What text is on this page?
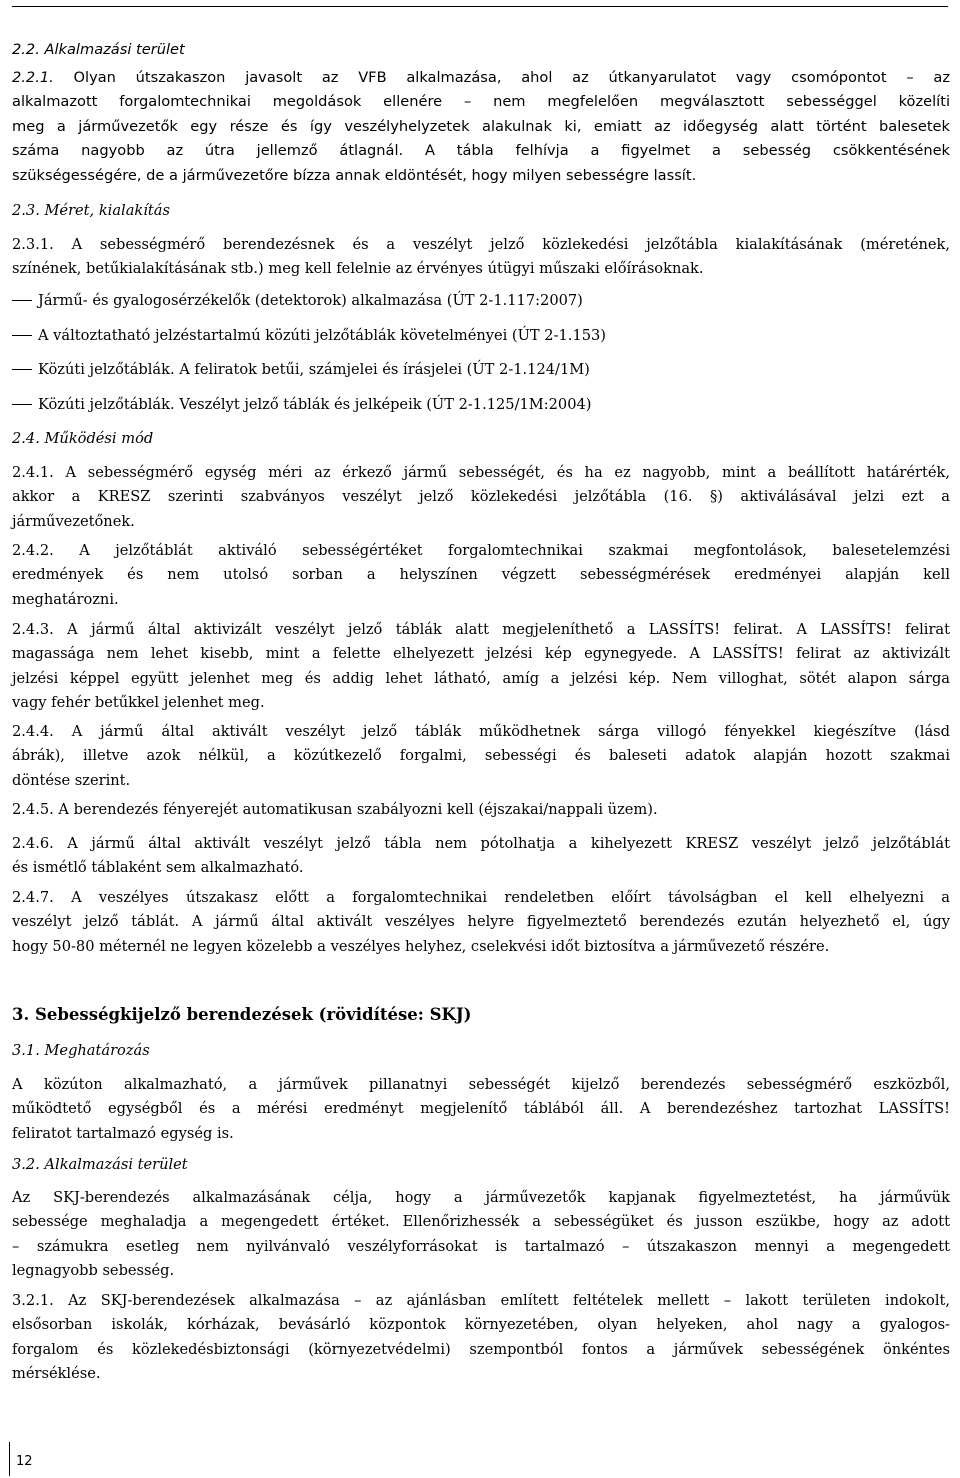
2.2. Alkalmazási terület
2.2.1. Olyan útszakaszon javasolt az VFB alkalmazása, ahol az útkanyarulatot vagy csomópontot – az
alkalmazott forgalomtechnikai megoldások ellenére – nem megfelelően megválasztott sebességgel közelíti
meg a járművezetők egy része és így veszélyhelyzetek alakulnak ki, emiatt az időegység alatt történt balesetek
száma nagyobb az útra jellemző átlagnál. A tábla felhívja a figyelmet a sebesség csökkentésének
szükségességére, de a járművezetőre bízza annak eldöntését, hogy milyen sebességre lassít.
2.3. Méret, kialakítás
2.3.1. A sebességmérő berendezésnek és a veszélyt jelző közlekedési jelzőtábla kialakításának (méretének,
színének, betűkialakításának stb.) meg kell felelnie az érvényes útügyi műszaki előírásoknak.
Jármű- és gyalogosérzékelők (detektorok) alkalmazása (ÚT 2-1.117:2007)
A változtatható jelzéstartalmú közúti jelzőtáblák követelményei (ÚT 2-1.153)
Közúti jelzőtáblák. A feliratok betűi, számjelei és írásjelei (ÚT 2-1.124/1M)
Közúti jelzőtáblák. Veszélyt jelző táblák és jelképeik (ÚT 2-1.125/1M:2004)
2.4. Működési mód
2.4.1. A sebességmérő egység méri az érkező jármű sebességét, és ha ez nagyobb, mint a beállított határérték,
akkor a KRESZ szerinti szabványos veszélyt jelző közlekedési jelzőtábla (16. §) aktiválásával jelzi ezt a
járművezetőnek.
2.4.2. A jelzőtáblát aktiváló sebességértéket forgalomtechnikai szakmai megfontolások, balesetelemzési
eredmények és nem utolsó sorban a helyszínen végzett sebességmérések eredményei alapján kell
meghatározni.
2.4.3. A jármű által aktivizált veszélyt jelző táblák alatt megjeleníthető a LASSÍTS! felirat. A LASSÍTS! felirat
magassága nem lehet kisebb, mint a felette elhelyezett jelzési kép egynegyede. A LASSÍTS! felirat az aktivizált
jelzési képpel együtt jelenhet meg és addig lehet látható, amíg a jelzési kép. Nem villoghat, sötét alapon sárga
vagy fehér betűkkel jelenhet meg.
2.4.4. A jármű által aktivált veszélyt jelző táblák működhetnek sárga villogó fényekkel kiegészítve (lásd
ábrák), illetve azok nélkül, a közútkezelő forgalmi, sebességi és baleseti adatok alapján hozott szakmai
döntése szerint.
2.4.5. A berendezés fényerejét automatikusan szabályozni kell (éjszakai/nappali üzem).
2.4.6. A jármű által aktivált veszélyt jelző tábla nem pótolhatja a kihelyezett KRESZ veszélyt jelző jelzőtáblát
és ismétlő táblaként sem alkalmazható.
2.4.7. A veszélyes útszakasz előtt a forgalomtechnikai rendeletben előírt távolságban el kell elhelyezni a
veszélyt jelző táblát. A jármű által aktivált veszélyes helyre figyelmeztető berendezés ezután helyezhető el, úgy
hogy 50-80 méternél ne legyen közelebb a veszélyes helyhez, cselekvési időt biztosítva a járművezető részére.
3. Sebességkijelző berendezések (rövidítése: SKJ)
3.1. Meghatározás
A közúton alkalmazható, a járművek pillanatnyi sebességét kijelző berendezés sebességmérő eszközből,
működtető egységből és a mérési eredményt megjelenítő táblából áll. A berendezéshez tartozhat LASSÍTS!
feliratot tartalmazó egység is.
3.2. Alkalmazási terület
Az SKJ-berendezés alkalmazásának célja, hogy a járművezetők kapjanak figyelmeztetést, ha járművük
sebessége meghaladja a megengedett értéket. Ellenőrizhessék a sebességüket és jusson eszükbe, hogy az adott
– számukra esetleg nem nyilvánvaló veszélyforrásokat is tartalmazó – útszakaszon mennyi a megengedett
legnagyobb sebesség.
3.2.1. Az SKJ-berendezések alkalmazása – az ajánlásban említett feltételek mellett – lakott területen indokolt,
elsősorban iskolák, kórházak, bevásárló központok környezetében, olyan helyeken, ahol nagy a gyalogos-
forgalom és közlekedésbiztonsági (környezetvédelmi) szempontból fontos a járművek sebességének önkéntes
mérséklése.
12
